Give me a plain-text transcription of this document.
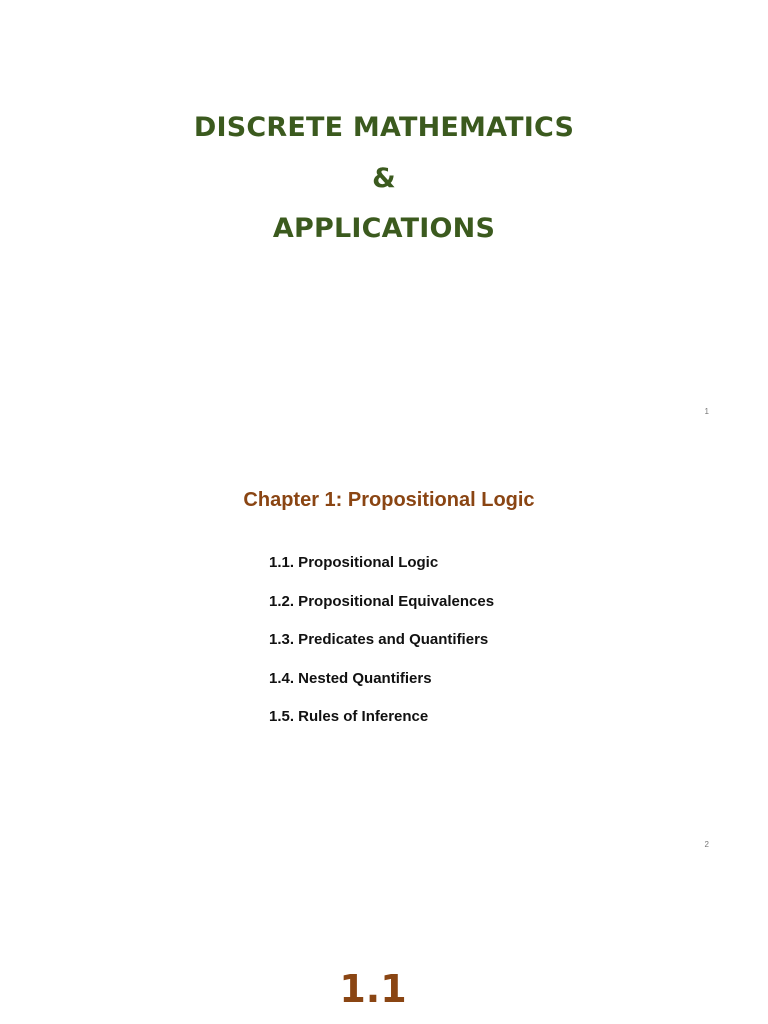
DISCRETE MATHEMATICS
&
APPLICATIONS
1
Chapter 1: Propositional Logic
1.1. Propositional Logic
1.2. Propositional Equivalences
1.3. Predicates and Quantifiers
1.4. Nested Quantifiers
1.5. Rules of Inference
2
1.1
